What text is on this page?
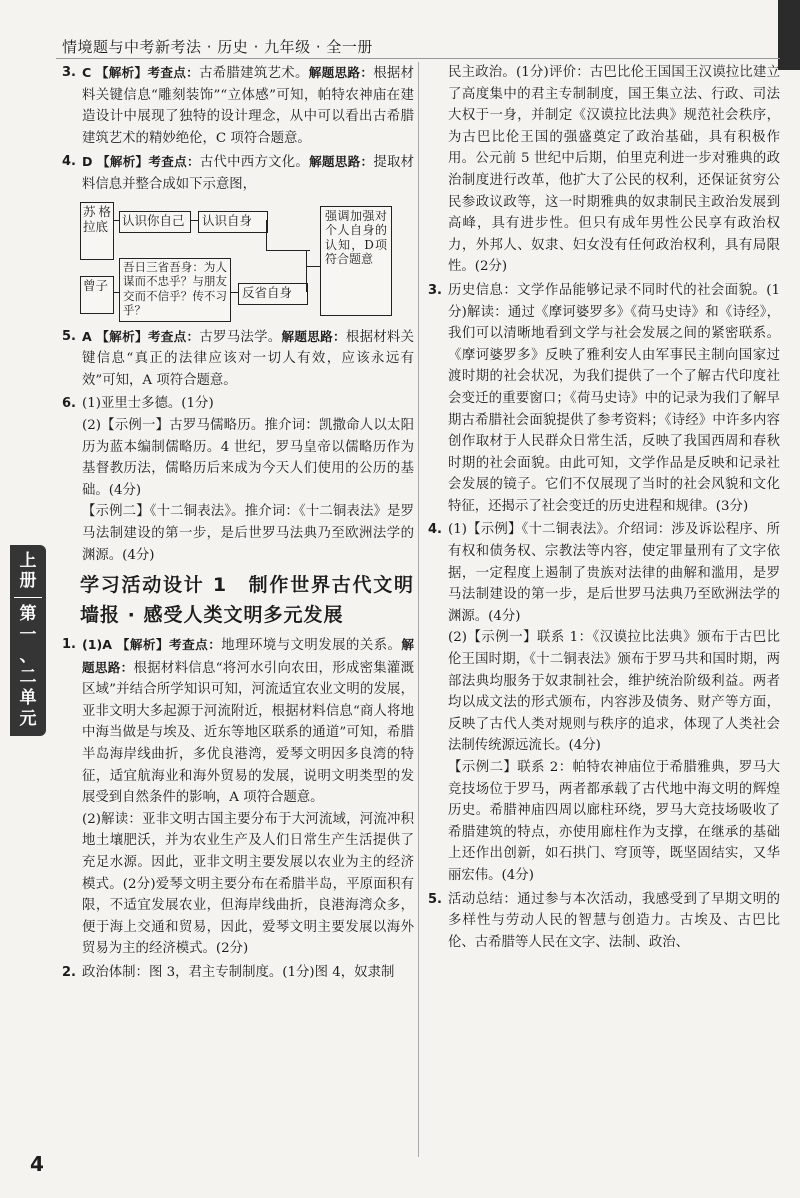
情境题与中考新考法 · 历史 · 九年级 · 全一册
上册
第一、二单元
3. C 【解析】考查点：古希腊建筑艺术。解题思路：根据材料关键信息“雕刻装饰”“立体感”可知，帕特农神庙在建造设计中展现了独特的设计理念，从中可以看出古希腊建筑艺术的精妙绝伦，C 项符合题意。

4. D 【解析】考查点：古代中西方文化。解题思路：提取材料信息并整合成如下示意图，

苏格拉底	认识你自己	认识自身
曾子
吾日三省吾身：为人谋而不忠乎？与朋友交而不信乎？传不习乎？
反省自身
强调加强对个人自身的认知，D项符合题意
5. A 【解析】考查点：古罗马法学。解题思路：根据材料关键信息“真正的法律应该对一切人有效，应该永远有效”可知，A 项符合题意。

6. (1)亚里士多德。(1分)

(2)【示例一】古罗马儒略历。推介词：凯撒命人以太阳历为蓝本编制儒略历。4 世纪，罗马皇帝以儒略历作为基督教历法，儒略历后来成为今天人们使用的公历的基础。(4分)

【示例二】《十二铜表法》。推介词：《十二铜表法》是罗马法制建设的第一步，是后世罗马法典乃至欧洲法学的渊源。(4分)

学习活动设计 1　制作世界古代文明墙报 · 感受人类文明多元发展
1. (1)A 【解析】考查点：地理环境与文明发展的关系。解题思路：根据材料信息“将河水引向农田，形成密集灌溉区域”并结合所学知识可知，河流适宜农业文明的发展，亚非文明大多起源于河流附近，根据材料信息“商人将地中海当做是与埃及、近东等地区联系的通道”可知，希腊半岛海岸线曲折，多优良港湾，爱琴文明因多良湾的特征，适宜航海业和海外贸易的发展，说明文明类型的发展受到自然条件的影响，A 项符合题意。

(2)解读：亚非文明古国主要分布于大河流域，河流冲积地土壤肥沃，并为农业生产及人们日常生产生活提供了充足水源。因此，亚非文明主要发展以农业为主的经济模式。(2分)爱琴文明主要分布在希腊半岛，平原面积有限，不适宜发展农业，但海岸线曲折，良港海湾众多，便于海上交通和贸易，因此，爱琴文明主要发展以海外贸易为主的经济模式。(2分)

2. 政治体制：图 3，君主专制制度。(1分)图 4，奴隶制

民主政治。(1分)评价：古巴比伦王国国王汉谟拉比建立了高度集中的君主专制制度，国王集立法、行政、司法大权于一身，并制定《汉谟拉比法典》规范社会秩序，为古巴比伦王国的强盛奠定了政治基础，具有积极作用。公元前 5 世纪中后期，伯里克利进一步对雅典的政治制度进行改革，他扩大了公民的权利，还保证贫穷公民参政议政等，这一时期雅典的奴隶制民主政治发展到高峰，具有进步性。但只有成年男性公民享有政治权力，外邦人、奴隶、妇女没有任何政治权利，具有局限性。(2分)

3. 历史信息：文学作品能够记录不同时代的社会面貌。(1分)解读：通过《摩诃婆罗多》《荷马史诗》和《诗经》，我们可以清晰地看到文学与社会发展之间的紧密联系。《摩诃婆罗多》反映了雅利安人由军事民主制向国家过渡时期的社会状况，为我们提供了一个了解古代印度社会变迁的重要窗口；《荷马史诗》中的记录为我们了解早期古希腊社会面貌提供了参考资料；《诗经》中许多内容创作取材于人民群众日常生活，反映了我国西周和春秋时期的社会面貌。由此可知，文学作品是反映和记录社会发展的镜子。它们不仅展现了当时的社会风貌和文化特征，还揭示了社会变迁的历史进程和规律。(3分)

4. (1)【示例】《十二铜表法》。介绍词：涉及诉讼程序、所有权和债务权、宗教法等内容，使定罪量刑有了文字依据，一定程度上遏制了贵族对法律的曲解和滥用，是罗马法制建设的第一步，是后世罗马法典乃至欧洲法学的渊源。(4分)

(2)【示例一】联系 1：《汉谟拉比法典》颁布于古巴比伦王国时期，《十二铜表法》颁布于罗马共和国时期，两部法典均服务于奴隶制社会，维护统治阶级利益。两者均以成文法的形式颁布，内容涉及债务、财产等方面，反映了古代人类对规则与秩序的追求，体现了人类社会法制传统源远流长。(4分)

【示例二】联系 2：帕特农神庙位于希腊雅典，罗马大竞技场位于罗马，两者都承载了古代地中海文明的辉煌历史。希腊神庙四周以廊柱环绕，罗马大竞技场吸收了希腊建筑的特点，亦使用廊柱作为支撑，在继承的基础上还作出创新，如石拱门、穹顶等，既坚固结实，又华丽宏伟。(4分)

5. 活动总结：通过参与本次活动，我感受到了早期文明的多样性与劳动人民的智慧与创造力。古埃及、古巴比伦、古希腊等人民在文字、法制、政治、

4
